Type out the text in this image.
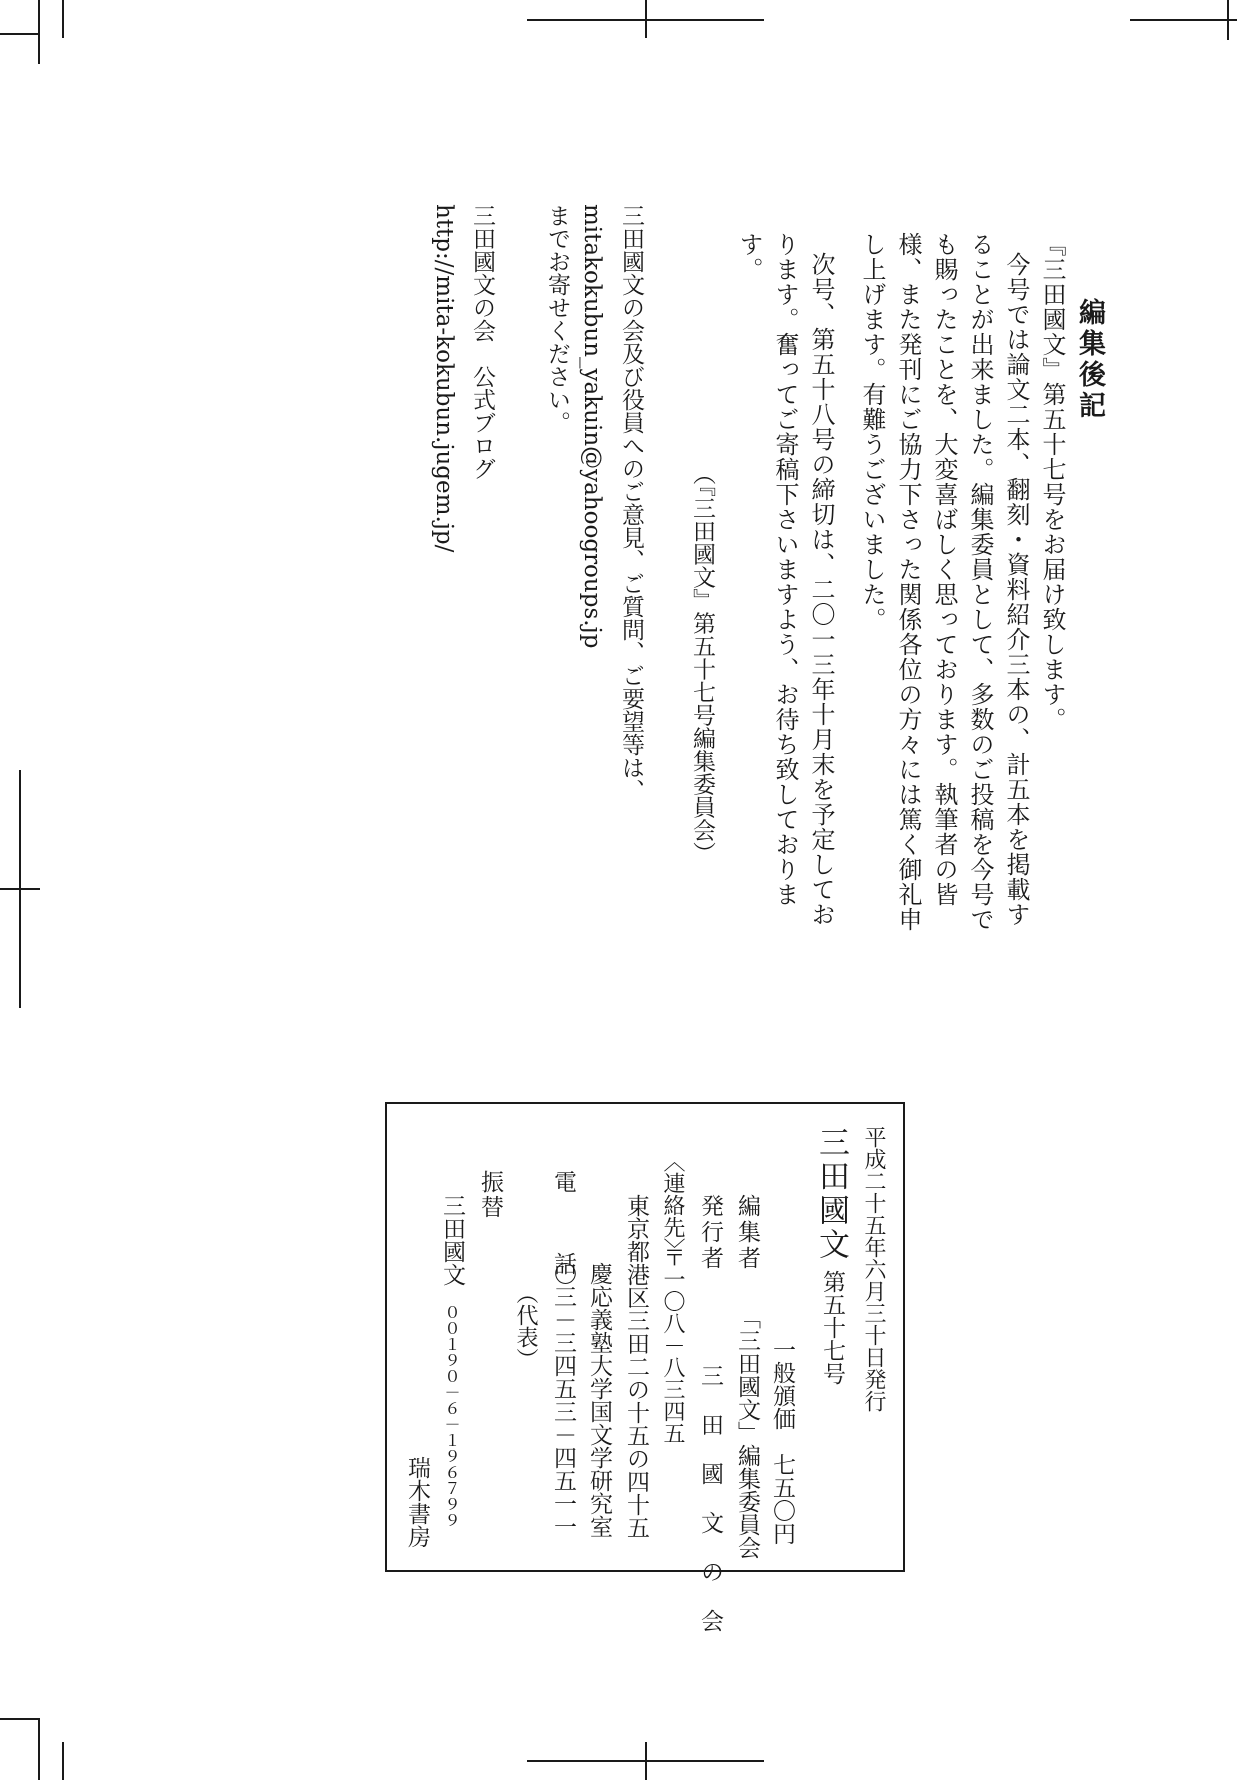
編集後記
『三田國文』第五十七号をお届け致します。
今号では論文二本、翻刻・資料紹介三本の、計五本を掲載す
ることが出来ました。編集委員として、多数のご投稿を今号で
も賜ったことを、大変喜ばしく思っております。執筆者の皆
様、また発刊にご協力下さった関係各位の方々には篤く御礼申
し上げます。有難うございました。
次号、第五十八号の締切は、二〇一三年十月末を予定してお
ります。奮ってご寄稿下さいますよう、お待ち致しておりま
す。
（『三田國文』第五十七号編集委員会）
三田國文の会及び役員へのご意見、ご質問、ご要望等は、
mitakokubun_yakuin@yahoogroups.jp
までお寄せください。
三田國文の会　公式ブログ
http://mita-kokubun.jugem.jp/
平成二十五年六月三十日発行
三田國文
第五十七号
一般頒価　七五〇円
編集者
「三田國文」編集委員会
発行者
三 田 國 文 の 会
〈連絡先〉
〒一〇八－八三四五
東京都港区三田二の十五の四十五
慶応義塾大学国文学研究室
電　話
〇三－三四五三－四五一一
（代表）
振替
三田國文
００１９０－６－１９６７９９
瑞木書房
